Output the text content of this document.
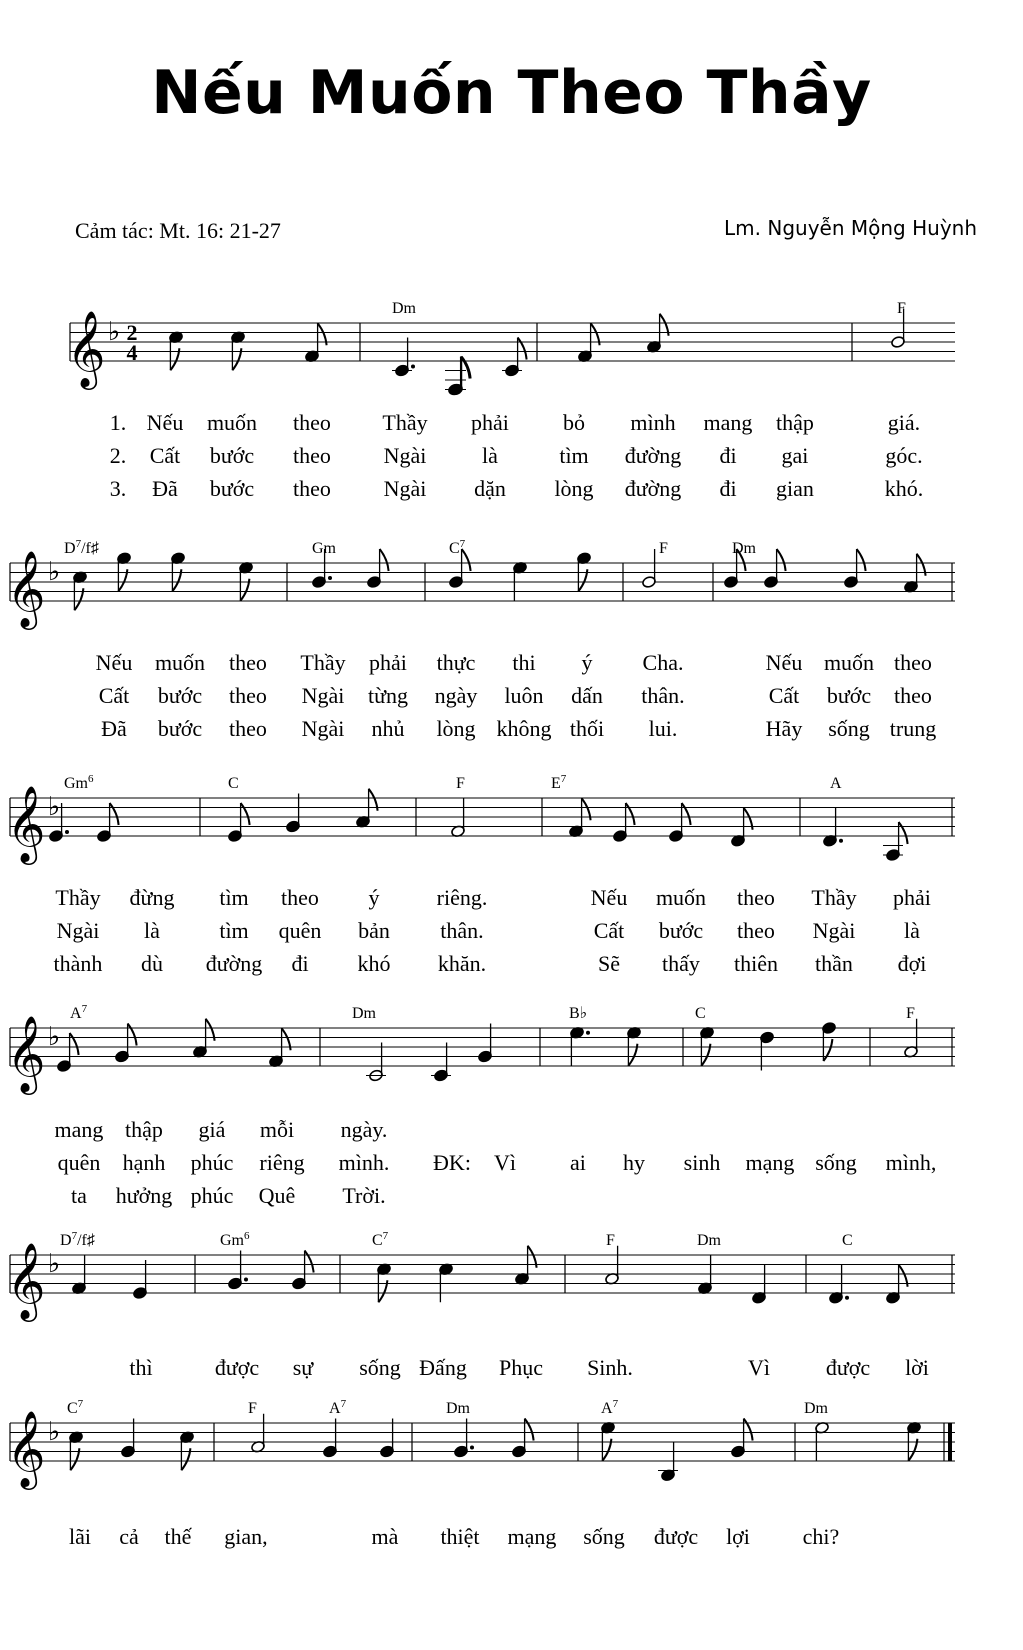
Nếu Muốn Theo Thầy
Cảm tác: Mt. 16: 21-27	Lm. Nguyễn Mộng Huỳnh
𝄞 ♭ 2
4
Dm	F
1. Nếu muốn theo Thầy phải bỏ mình mang thập	giá.
2. Cất bước theo Ngài	là	tìm đường đi gai	góc.
3. Đã bước theo Ngài dặn lòng đường đi gian	khó.
𝄞 ♭
$D^7/f♯$	Gm	$C^7$	F	Dm
Nếu muốn theo Thầy phải thực thi ý Cha.	Nếu muốn theo
Cất bước theo Ngài từng ngày luôn dấn thân.	Cất bước theo
Đã bước theo Ngài nhủ lòng không thối lui.	Hãy sống trung
𝄞 ♭
Gm$^6$	C	F	$E^7$	A
Thầy đừng tìm theo ý	riêng.	Nếu muốn theo Thầy phải
Ngài là	tìm quên bản thân.	Cất bước theo Ngài là
thành dù đường đi khó khăn.	Sẽ thấy thiên thần đợi
𝄞 ♭
$A^7$	Dm	B♭	C	F
mang thập giá mỗi ngày.
quên hạnh phúc riêng mình. ĐK: Vì ai hy sinh mạng sống mình,
ta hưởng phúc Quê Trời.
𝄞 ♭
$D^7/f♯$	Gm$^6$	$C^7$	F	Dm	C
thì	được sự sống Đấng Phục Sinh.	Vì	được lời
𝄞 ♭
$C^7$	F	$A^7$	Dm	$A^7$	Dm
lãi cả thế gian,	mà thiệt mạng sống được lợi chi?
